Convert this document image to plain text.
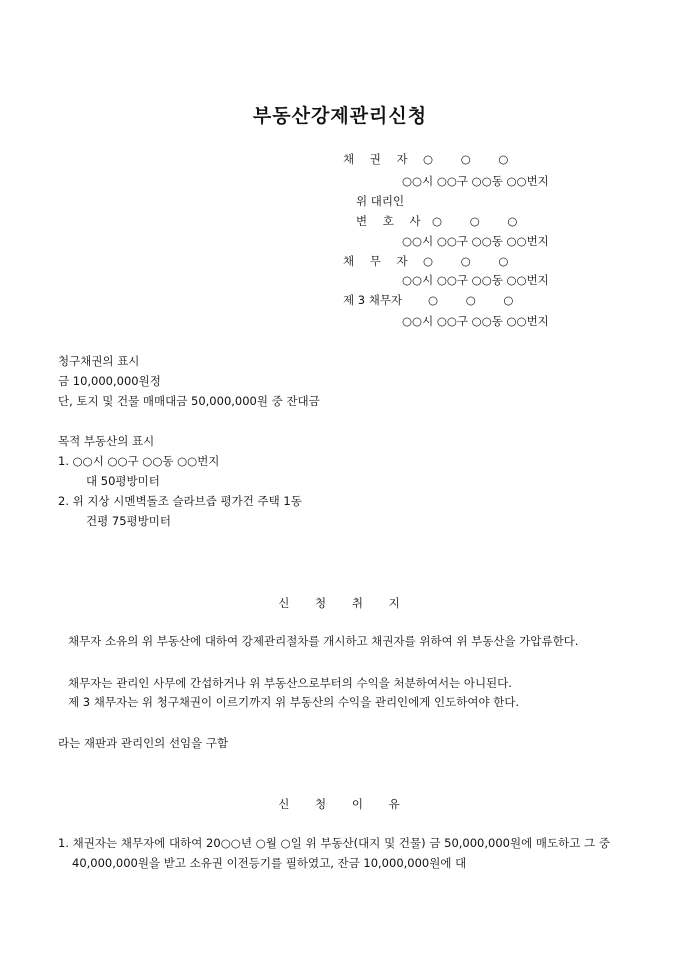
부동산강제관리신청
채 권 자 ○ ○ ○
○○시 ○○구 ○○동 ○○번지
위 대리인
변 호 사 ○ ○ ○
○○시 ○○구 ○○동 ○○번지
채 무 자 ○ ○ ○
○○시 ○○구 ○○동 ○○번지
제 3 채무자 ○ ○ ○
○○시 ○○구 ○○동 ○○번지
청구채권의 표시
금 10,000,000원정
단, 토지 및 건물 매매대금 50,000,000원 중 잔대금
목적 부동산의 표시
1. ○○시 ○○구 ○○동 ○○번지
대 50평방미터
2. 위 지상 시멘벽돌조 슬라브즙 평가건 주택 1동
건평 75평방미터
신 청 취 지
채무자 소유의 위 부동산에 대하여 강제관리절차를 개시하고 채권자를 위하여 위 부동산을 가압류한다.
채무자는 관리인 사무에 간섭하거나 위 부동산으로부터의 수익을 처분하여서는 아니된다.
제 3 채무자는 위 청구채권이 이르기까지 위 부동산의 수익을 관리인에게 인도하여야 한다.
라는 재판과 관리인의 선임을 구함
신 청 이 유
1. 채권자는 채무자에 대하여 20○○년 ○월 ○일 위 부동산(대지 및 건물) 금 50,000,000원에 매도하고 그 중 40,000,000원을 받고 소유권 이전등기를 필하였고, 잔금 10,000,000원에 대
